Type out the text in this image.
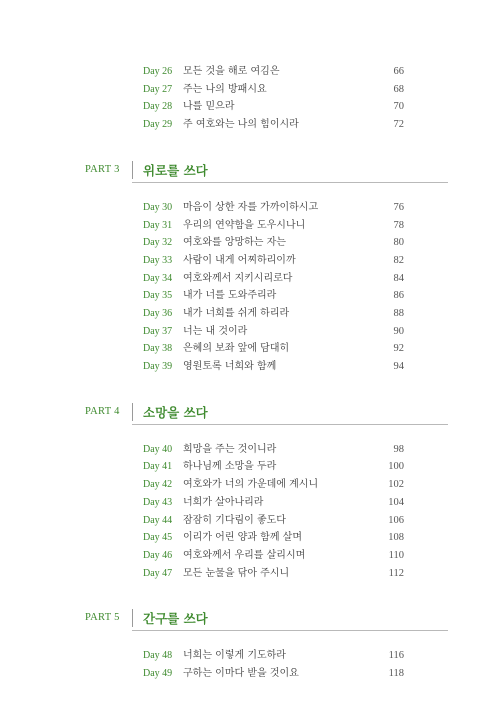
Day 26 모든 것을 해로 여김은	66
Day 27 주는 나의 방패시요	68
Day 28 나를 믿으라	70
Day 29 주 여호와는 나의 힘이시라	72
PART 3 위로를 쓰다
Day 30 마음이 상한 자를 가까이하시고	76
Day 31 우리의 연약함을 도우시나니	78
Day 32 여호와를 앙망하는 자는	80
Day 33 사람이 내게 어찌하리이까	82
Day 34 여호와께서 지키시리로다	84
Day 35 내가 너를 도와주리라	86
Day 36 내가 너희를 쉬게 하리라	88
Day 37 너는 내 것이라	90
Day 38 은혜의 보좌 앞에 담대히	92
Day 39 영원토록 너희와 함께	94
PART 4 소망을 쓰다
Day 40 희망을 주는 것이니라	98
Day 41 하나님께 소망을 두라	100
Day 42 여호와가 너의 가운데에 계시니	102
Day 43 너희가 살아나리라	104
Day 44 잠잠히 기다림이 좋도다	106
Day 45 이리가 어린 양과 함께 살며	108
Day 46 여호와께서 우리를 살리시며	110
Day 47 모든 눈물을 닦아 주시니	112
PART 5 간구를 쓰다
Day 48 너희는 이렇게 기도하라	116
Day 49 구하는 이마다 받을 것이요	118
